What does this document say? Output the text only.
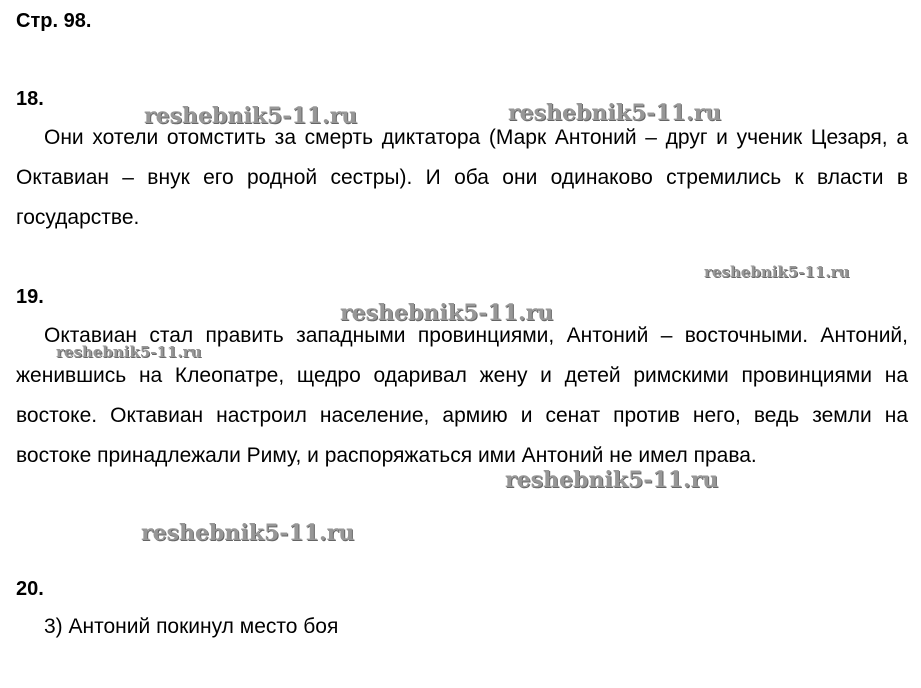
Стр. 98.
18.

Они хотели отомстить за смерть диктатора (Марк Антоний – друг и ученик Цезаря, а Октавиан – внук его родной сестры). И оба они одинаково стремились к власти в государстве.

19.

Октавиан стал править западными провинциями, Антоний – восточными. Антоний, женившись на Клеопатре, щедро одаривал жену и детей римскими провинциями на востоке. Октавиан настроил население, армию и сенат против него, ведь земли на востоке принадлежали Риму, и распоряжаться ими Антоний не имел права.

20.

3) Антоний покинул место боя

reshebnik5-11.ru	reshebnik5-11.ru
reshebnik5-11.ru
reshebnik5-11.ru
reshebnik5-11.ru
reshebnik5-11.ru
reshebnik5-11.ru
